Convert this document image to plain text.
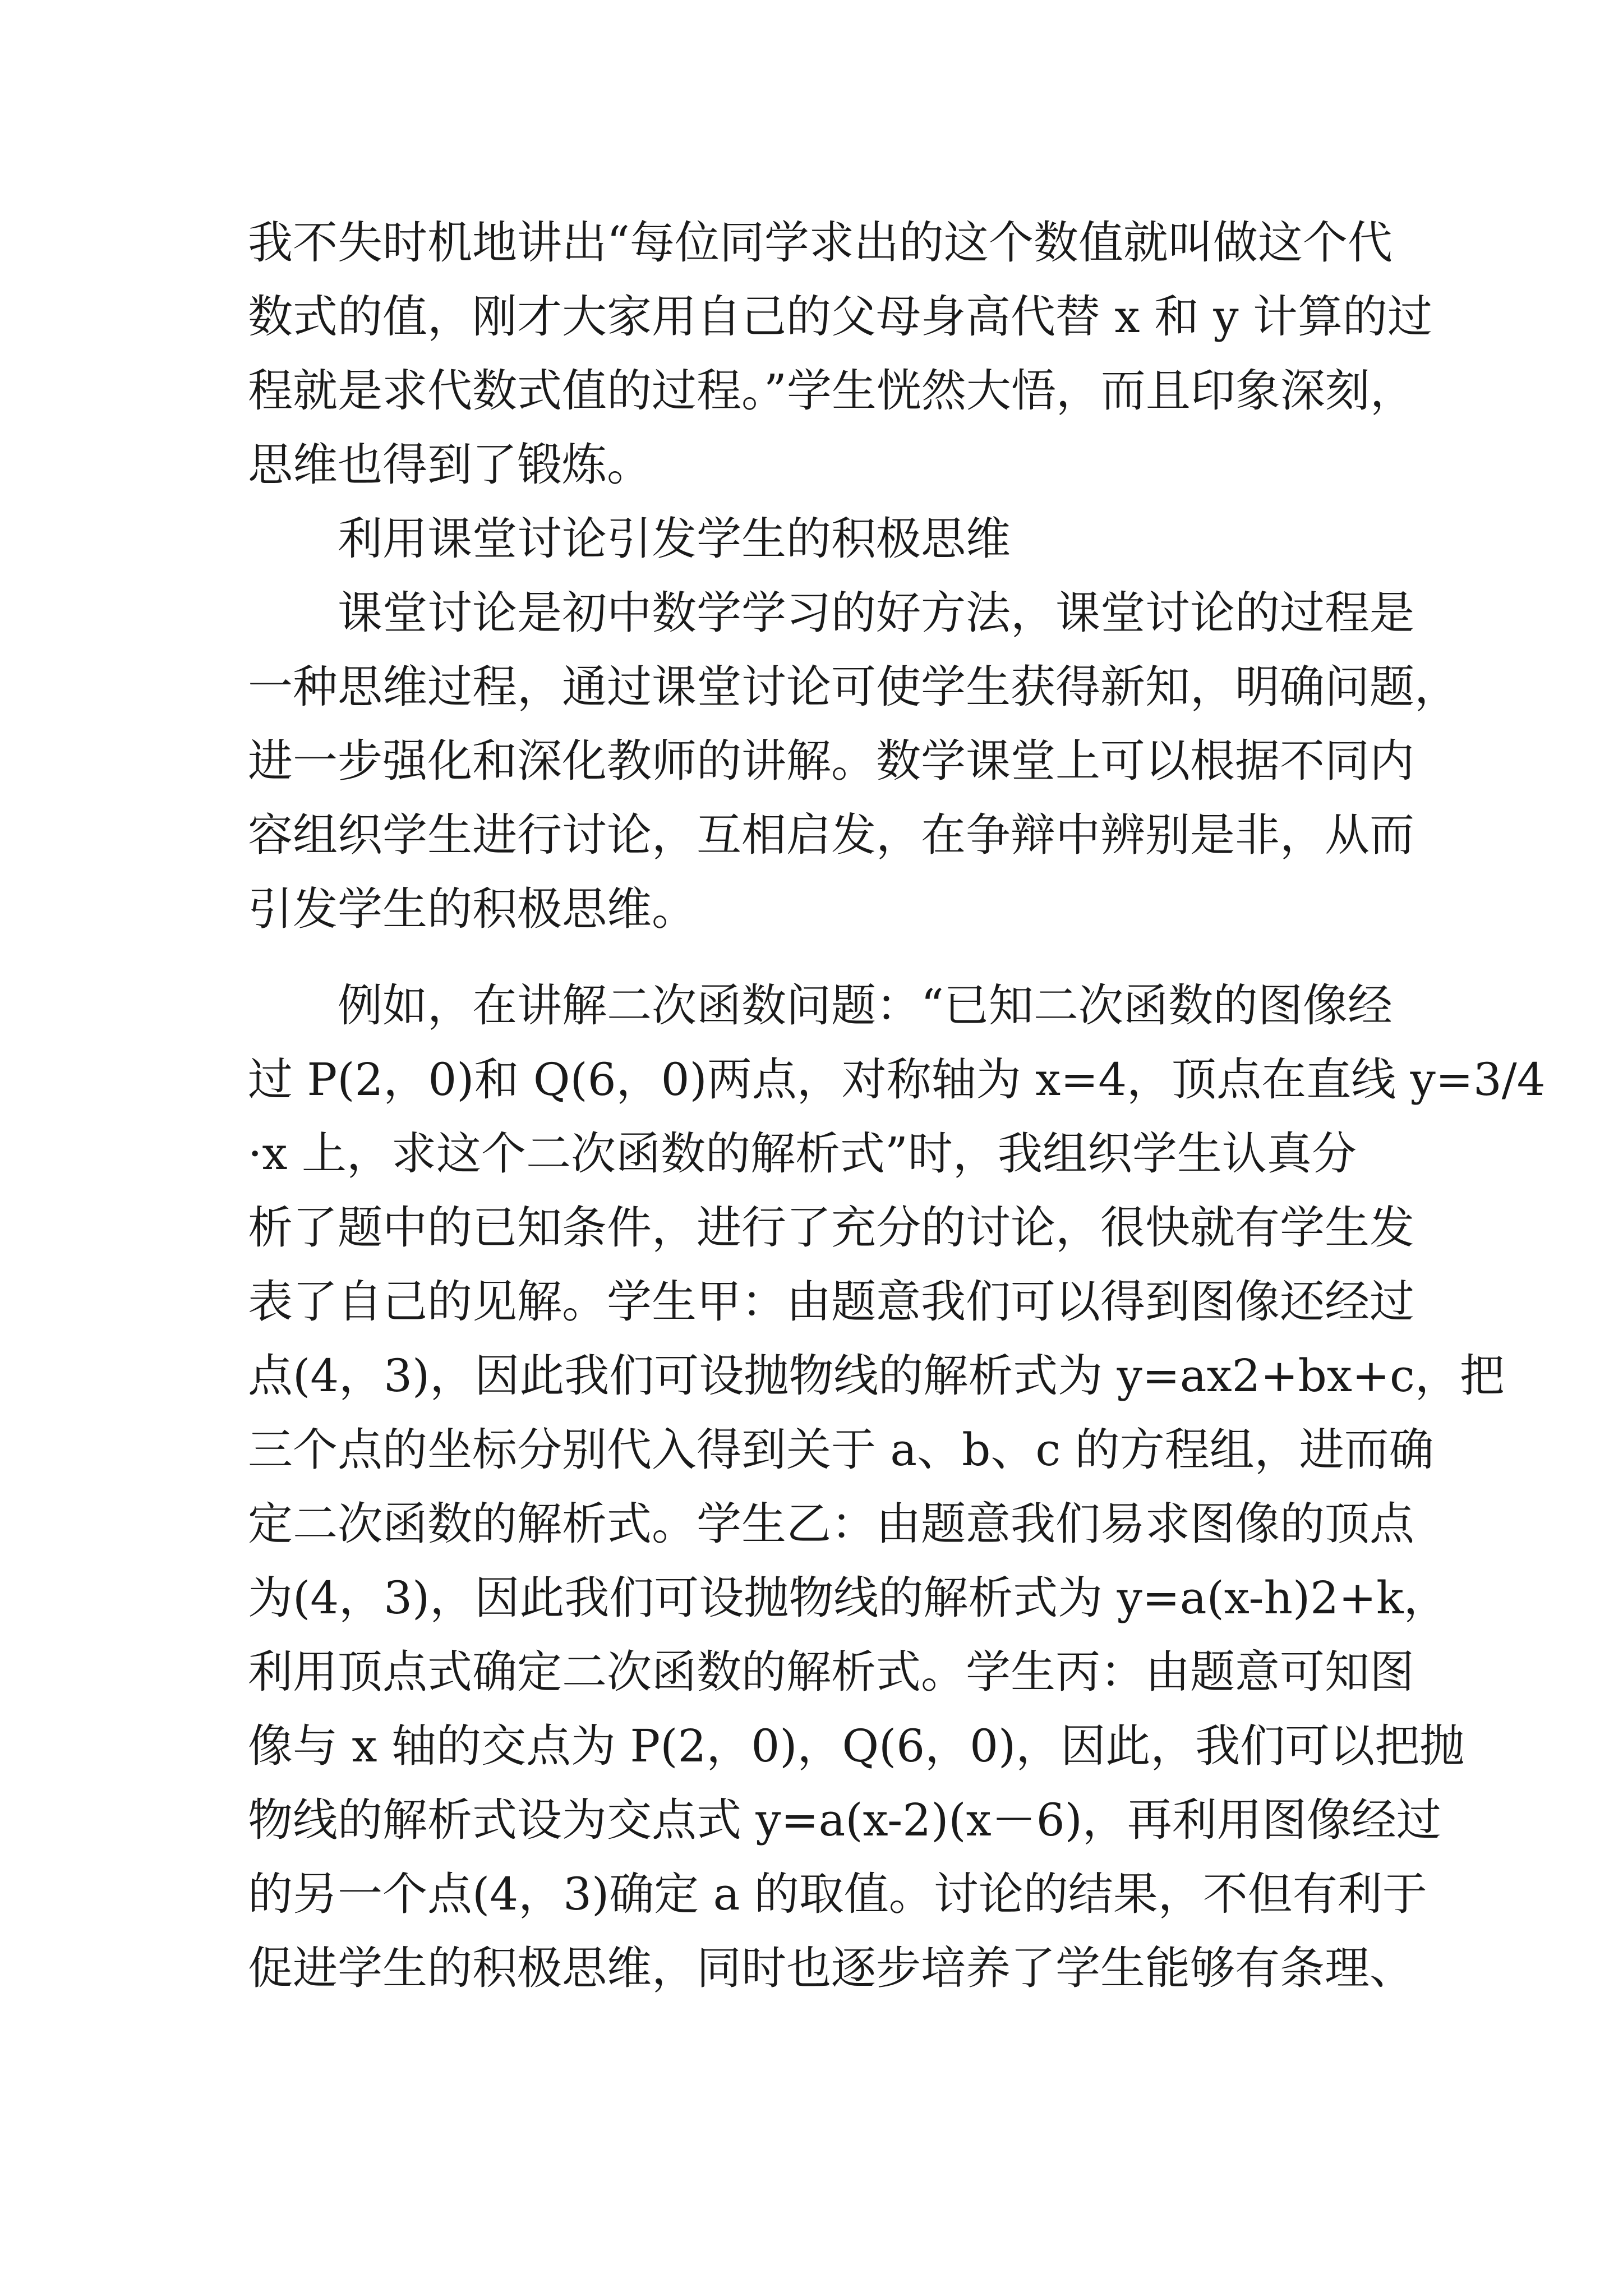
我不失时机地讲出“每位同学求出的这个数值就叫做这个代
数式的值，刚才大家用自己的父母身高代替 x 和 y 计算的过
程就是求代数式值的过程。”学生恍然大悟，而且印象深刻，
思维也得到了锻炼。
利用课堂讨论引发学生的积极思维
课堂讨论是初中数学学习的好方法，课堂讨论的过程是
一种思维过程，通过课堂讨论可使学生获得新知，明确问题，
进一步强化和深化教师的讲解。数学课堂上可以根据不同内
容组织学生进行讨论，互相启发，在争辩中辨别是非，从而
引发学生的积极思维。
例如，在讲解二次函数问题：“已知二次函数的图像经
过 P(2，0)和 Q(6，0)两点，对称轴为 x=4，顶点在直线 y=3/4
·x 上，求这个二次函数的解析式”时，我组织学生认真分
析了题中的已知条件，进行了充分的讨论，很快就有学生发
表了自己的见解。学生甲：由题意我们可以得到图像还经过
点(4，3)，因此我们可设抛物线的解析式为 y=ax2+bx+c，把
三个点的坐标分别代入得到关于 a、b、c 的方程组，进而确
定二次函数的解析式。学生乙：由题意我们易求图像的顶点
为(4，3)，因此我们可设抛物线的解析式为 y=a(x-h)2+k，
利用顶点式确定二次函数的解析式。学生丙：由题意可知图
像与 x 轴的交点为 P(2，0)，Q(6，0)，因此，我们可以把抛
物线的解析式设为交点式 y=a(x-2)(x－6)，再利用图像经过
的另一个点(4，3)确定 a 的取值。讨论的结果，不但有利于
促进学生的积极思维，同时也逐步培养了学生能够有条理、
